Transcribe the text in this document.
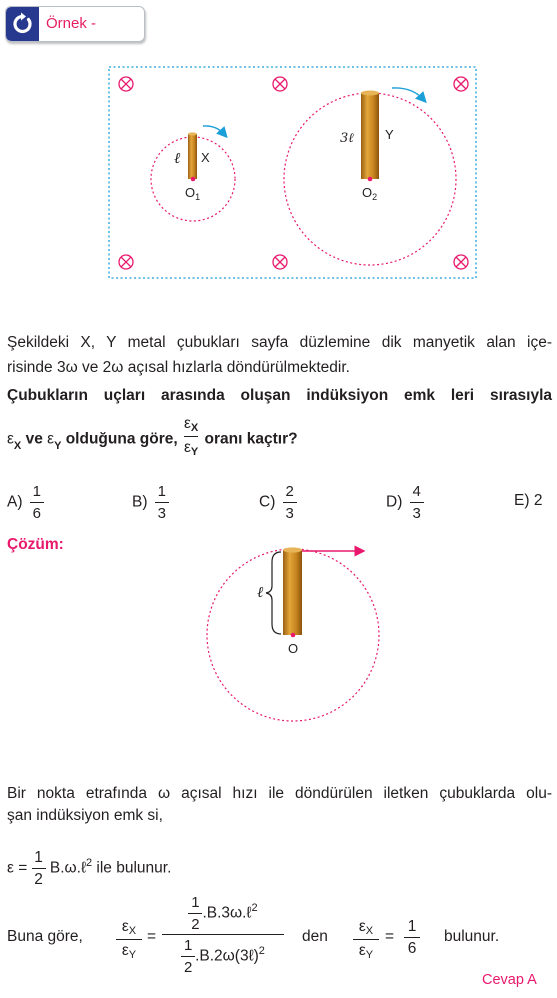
Örnek -
ℓ X
$O_1$
3ℓ Y
$O_2$
Şekildeki X, Y metal çubukları sayfa düzlemine dik manyetik alan içe-
risinde 3ω ve 2ω açısal hızlarla döndürülmektedir.
Çubukların uçları arasında oluşan indüksiyon emk leri sırasıyla
$\varepsilon_X$ ve $\varepsilon_Y$ olduğuna göre, $\frac{\varepsilon X}{\varepsilon Y}$ oranı kaçtır?
$A) \frac{1}{6}$	$B) \frac{1}{3}$	$C) \frac{2}{3}$	$D) \frac{4}{3}$	E) 2
Çözüm:
ℓ
O
Bir nokta etrafında ω açısal hızı ile döndürülen iletken çubuklarda olu-
şan indüksiyon emk si,
$\varepsilon = \frac{1}{2}$ B.ω.ℓ$^2$ ile bulunur.
Buna göre,
εX
εY
=
$\frac{1}{2}$ .B.3ω.ℓ$^2$
$\frac{1}{2}$ .B.2ω(3ℓ)$^2$
den
εX
εY
=
1
6
bulunur.
Cevap A
